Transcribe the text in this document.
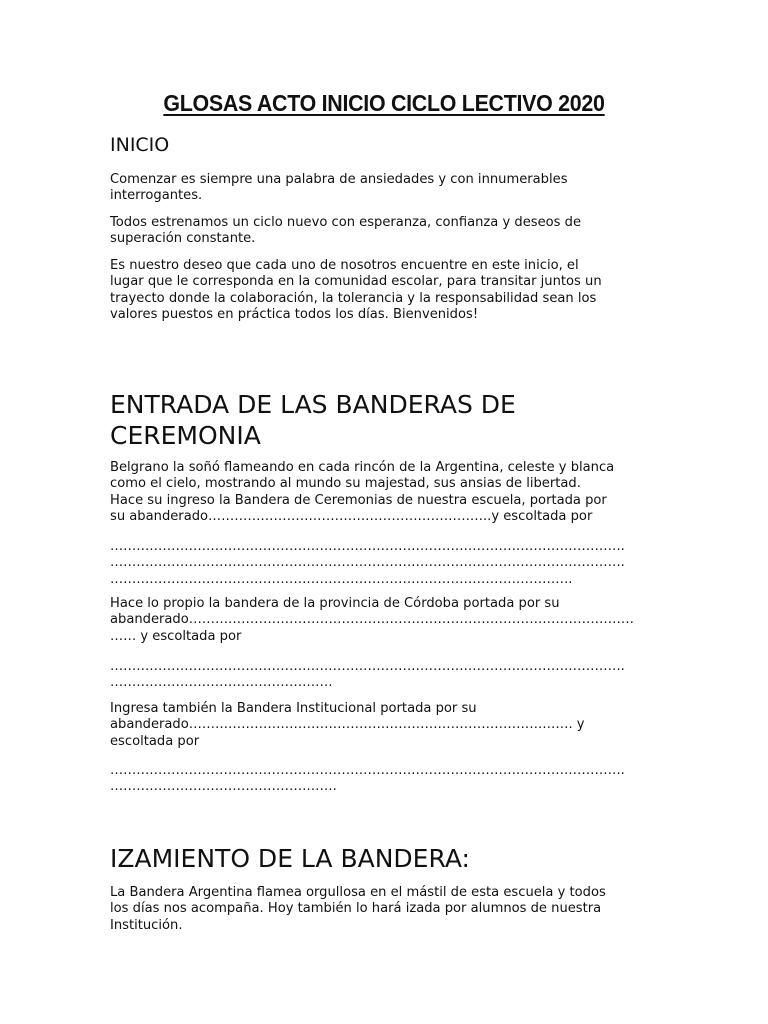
GLOSAS ACTO INICIO CICLO LECTIVO 2020
INICIO
Comenzar es siempre una palabra de ansiedades y con innumerables
interrogantes.
Todos estrenamos un ciclo nuevo con esperanza, confianza y deseos de
superación constante.
Es nuestro deseo que cada uno de nosotros encuentre en este inicio, el
lugar que le corresponda en la comunidad escolar, para transitar juntos un
trayecto donde la colaboración, la tolerancia y la responsabilidad sean los
valores puestos en práctica todos los días. Bienvenidos!
ENTRADA DE LAS BANDERAS DE
CEREMONIA
Belgrano la soñó flameando en cada rincón de la Argentina, celeste y blanca
como el cielo, mostrando al mundo su majestad, sus ansias de libertad.
Hace su ingreso la Bandera de Ceremonias de nuestra escuela, portada por
su abanderado………………………………………………………..y escoltada por
……………………………………………………………………………………………………….
……………………………………………………………………………………………………….
…………………………………………………………………………………………….
Hace lo propio la bandera de la provincia de Córdoba portada por su
abanderado…………………………………………………………………………………………
…… y escoltada por
……………………………………………………………………………………………………….
……………………………………………
Ingresa también la Bandera Institucional portada por su
abanderado……………………………………………………………………………. y
escoltada por
……………………………………………………………………………………………………….
…………………………………………….
IZAMIENTO DE LA BANDERA:
La Bandera Argentina flamea orgullosa en el mástil de esta escuela y todos
los días nos acompaña. Hoy también lo hará izada por alumnos de nuestra
Institución.
